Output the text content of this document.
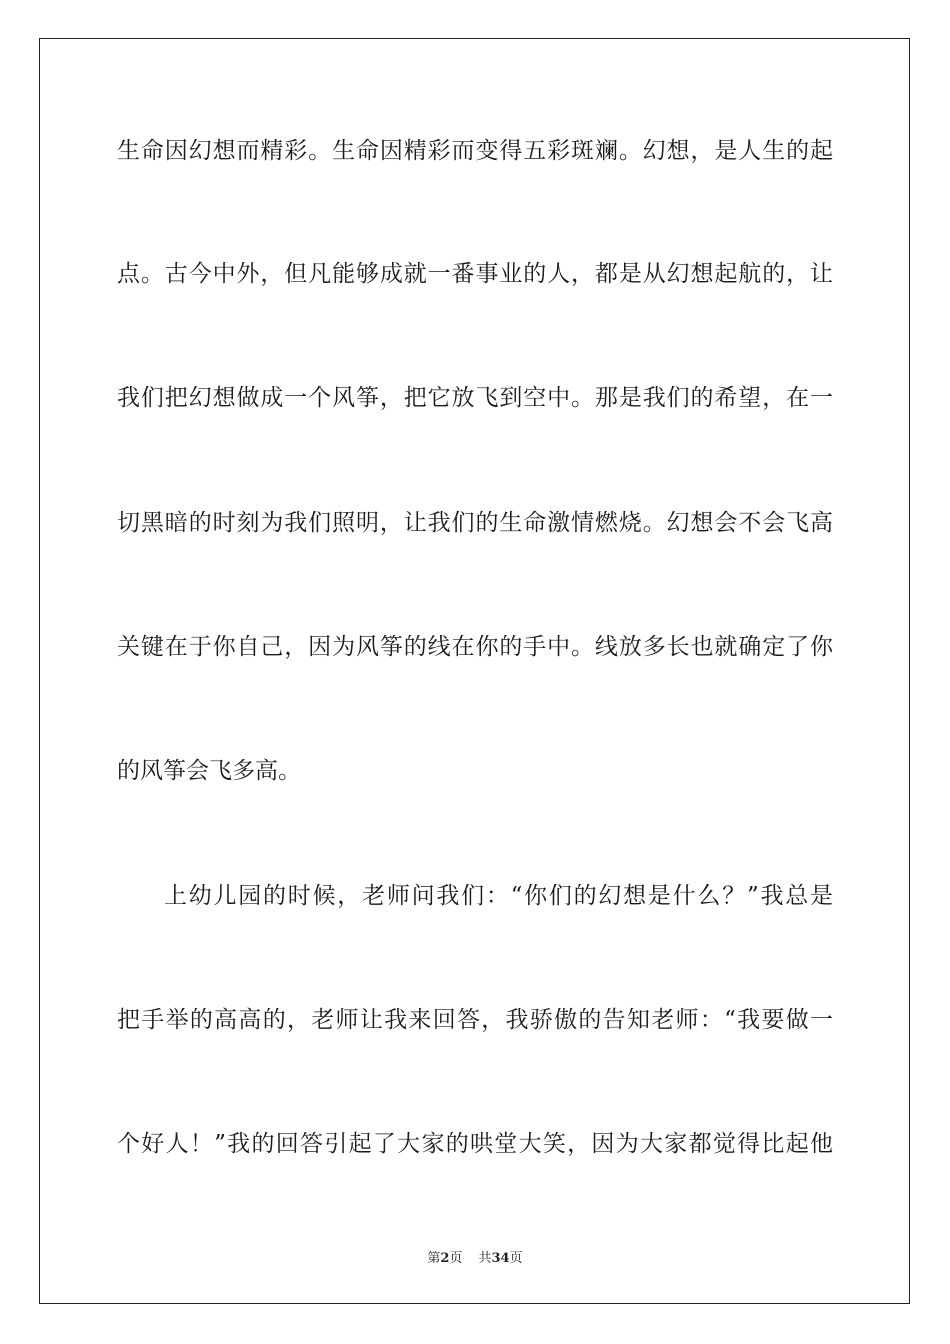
生命因幻想而精彩。生命因精彩而变得五彩斑斓。幻想，是人生的起
点。古今中外，但凡能够成就一番事业的人，都是从幻想起航的，让
我们把幻想做成一个风筝，把它放飞到空中。那是我们的希望，在一
切黑暗的时刻为我们照明，让我们的生命激情燃烧。幻想会不会飞高
关键在于你自己，因为风筝的线在你的手中。线放多长也就确定了你
的风筝会飞多高。
上幼儿园的时候，老师问我们：“你们的幻想是什么？”我总是
把手举的高高的，老师让我来回答，我骄傲的告知老师：“我要做一
个好人！”我的回答引起了大家的哄堂大笑，因为大家都觉得比起他
第2页 共34页
